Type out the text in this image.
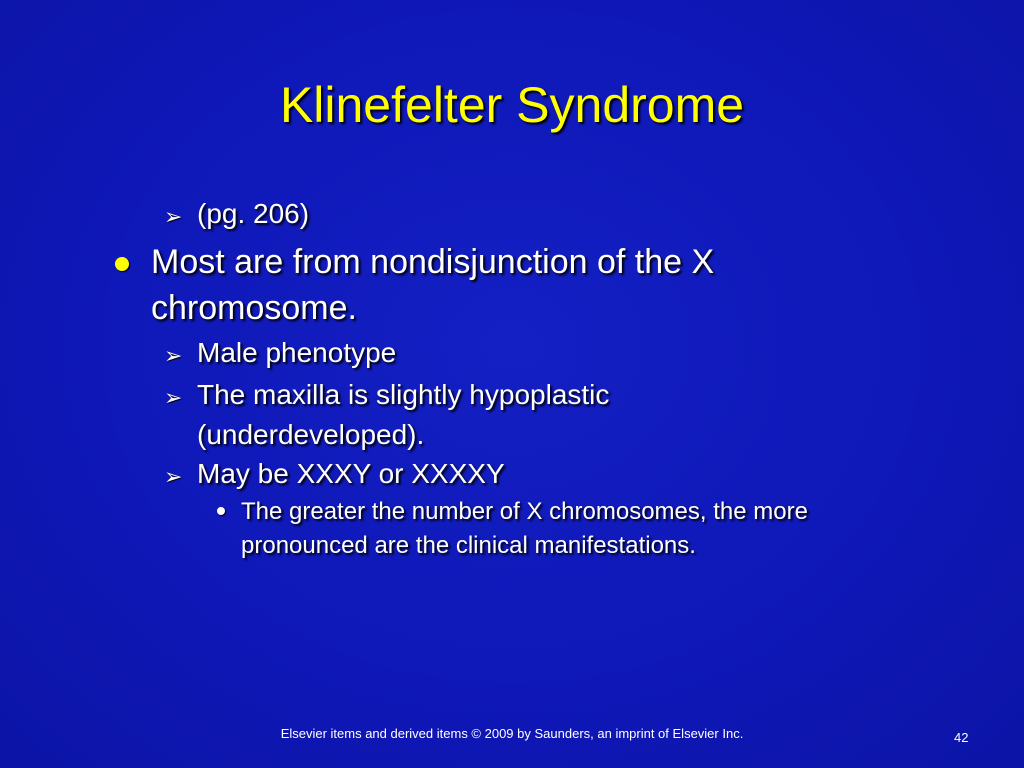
Klinefelter Syndrome
➢ (pg. 206)
Most are from nondisjunction of the X
chromosome.
➢ Male phenotype
➢ The maxilla is slightly hypoplastic
(underdeveloped).
➢ May be XXXY or XXXXY
The greater the number of X chromosomes, the more
pronounced are the clinical manifestations.
Elsevier items and derived items © 2009 by Saunders, an imprint of Elsevier Inc.	42
